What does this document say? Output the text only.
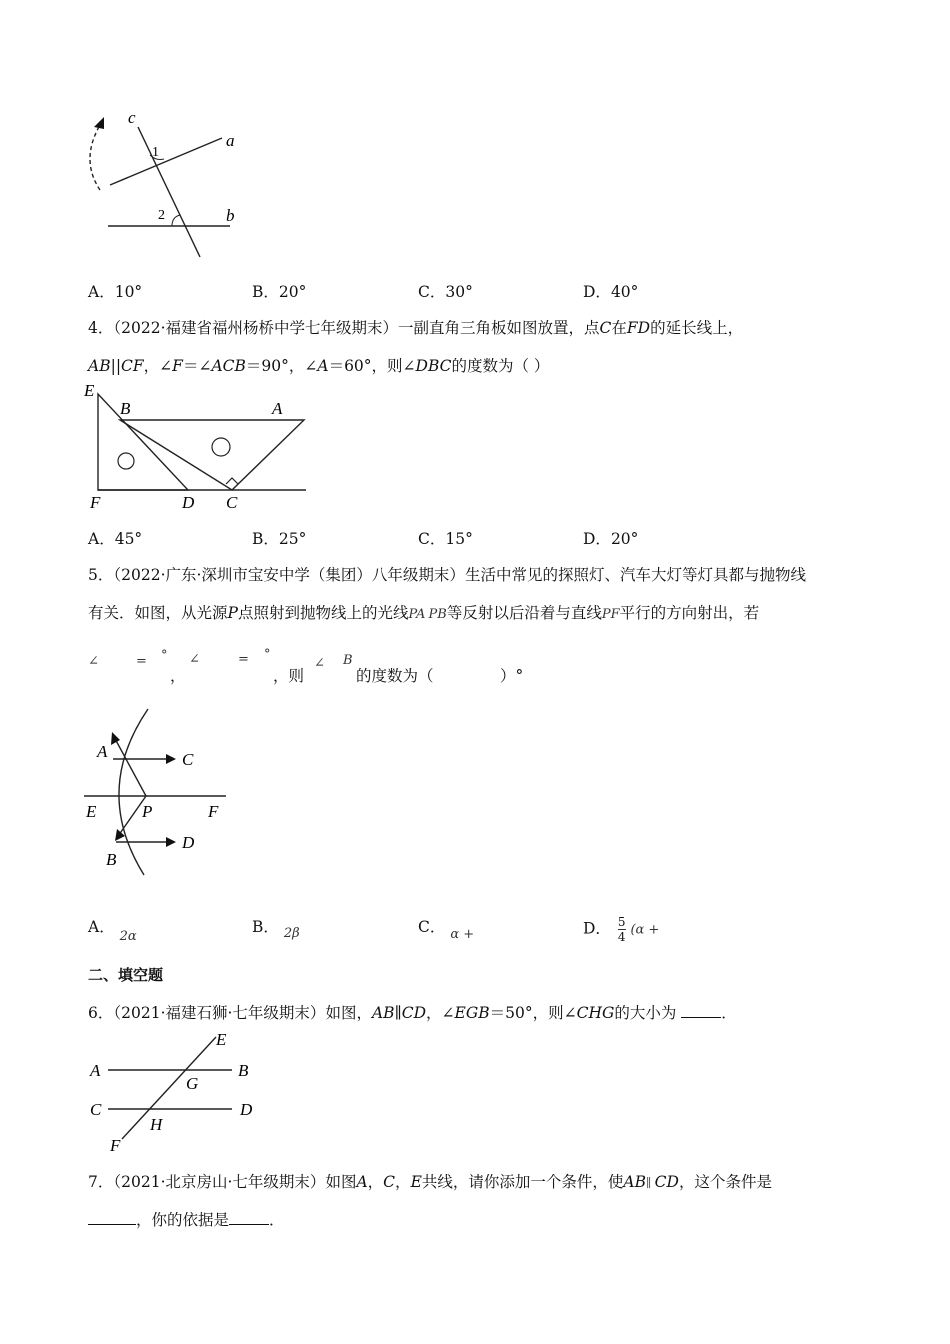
c
a
b
1
2
A．10°	B．20°	C．30°	D．40°
4．（2022·福建省福州杨桥中学七年级期末）一副直角三角板如图放置，点C在FD的延长线上，
AB||CF，∠F＝∠ACB＝90°，∠A＝60°，则∠DBC的度数为（ ）
E
B	A
F	D C
A．45°	B．25°	C．15°	D．20°
5．（2022·广东·深圳市宝安中学（集团）八年级期末）生活中常见的探照灯、汽车大灯等灯具都与抛物线
有关．如图，从光源P点照射到抛物线上的光线PA  PB等反射以后沿着与直线PF平行的方向射出，若
∠	= °
，
∠	= °
，则
∠ B
的度数为（	）°
A	C
E	P	F
B
D
A． $_{2\alpha}$
B． $_{2\beta}$	C． $_{\alpha +}$	D． $\frac{5}{4} (\alpha$ +
二、填空题
6．（2021·福建石狮·七年级期末）如图，AB∥CD，∠EGB＝50°，则∠CHG的大小为	．
E
A
G
B
C	D
H
F
7．（2021·北京房山·七年级期末）如图A，C，E共线，请你添加一个条件，使AB∥  CD，这个条件是
，你的依据是	．
